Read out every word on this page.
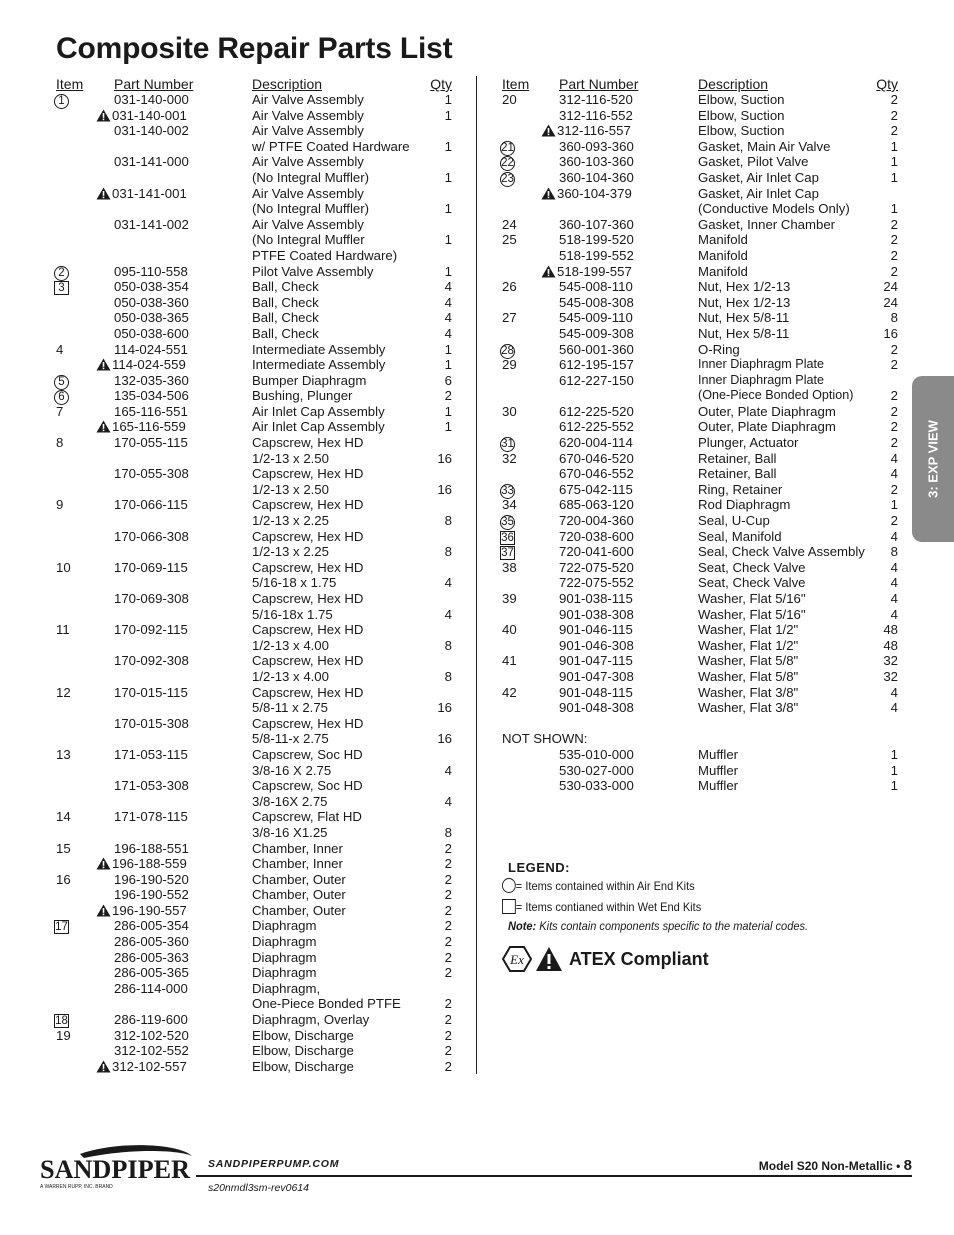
Composite Repair Parts List
Item	Part Number	Description	Qty
1	031-140-000	Air Valve Assembly	1
031-140-001	Air Valve Assembly	1
031-140-002	Air Valve Assembly
w/ PTFE Coated Hardware	1
031-141-000	Air Valve Assembly
(No Integral Muffler)	1
031-141-001	Air Valve Assembly
(No Integral Muffler)	1
031-141-002	Air Valve Assembly
(No Integral Muffler	1
PTFE Coated Hardware)
2	095-110-558	Pilot Valve Assembly	1
3	050-038-354	Ball, Check	4
050-038-360	Ball, Check	4
050-038-365	Ball, Check	4
050-038-600	Ball, Check	4
4	114-024-551	Intermediate Assembly	1
114-024-559	Intermediate Assembly	1
5	132-035-360	Bumper Diaphragm	6
6	135-034-506	Bushing, Plunger	2
7	165-116-551	Air Inlet Cap Assembly	1
165-116-559	Air Inlet Cap Assembly	1
8	170-055-115	Capscrew, Hex HD
1/2-13 x 2.50	16
170-055-308	Capscrew, Hex HD
1/2-13 x 2.50	16
9	170-066-115	Capscrew, Hex HD
1/2-13 x 2.25	8
170-066-308	Capscrew, Hex HD
1/2-13 x 2.25	8
10	170-069-115	Capscrew, Hex HD
5/16-18 x 1.75	4
170-069-308	Capscrew, Hex HD
5/16-18x 1.75	4
11	170-092-115	Capscrew, Hex HD
1/2-13 x 4.00	8
170-092-308	Capscrew, Hex HD
1/2-13 x 4.00	8
12	170-015-115	Capscrew, Hex HD
5/8-11 x 2.75	16
170-015-308	Capscrew, Hex HD
5/8-11-x 2.75	16
13	171-053-115	Capscrew, Soc HD
3/8-16 X 2.75	4
171-053-308	Capscrew, Soc HD
3/8-16X 2.75	4
14	171-078-115	Capscrew, Flat HD
3/8-16 X1.25	8
15	196-188-551	Chamber, Inner	2
196-188-559	Chamber, Inner	2
16	196-190-520	Chamber, Outer	2
196-190-552	Chamber, Outer	2
196-190-557	Chamber, Outer	2
17	286-005-354	Diaphragm	2
286-005-360	Diaphragm	2
286-005-363	Diaphragm	2
286-005-365	Diaphragm	2
286-114-000	Diaphragm,
One-Piece Bonded PTFE	2
18	286-119-600	Diaphragm, Overlay	2
19	312-102-520	Elbow, Discharge	2
312-102-552	Elbow, Discharge	2
312-102-557	Elbow, Discharge	2
Item	Part Number	Description	Qty
20	312-116-520	Elbow, Suction	2
312-116-552	Elbow, Suction	2
312-116-557	Elbow, Suction	2
21	360-093-360	Gasket, Main Air Valve	1
22	360-103-360	Gasket, Pilot Valve	1
23	360-104-360	Gasket, Air Inlet Cap	1
360-104-379	Gasket, Air Inlet Cap
(Conductive Models Only)	1
24	360-107-360	Gasket, Inner Chamber	2
25	518-199-520	Manifold	2
518-199-552	Manifold	2
518-199-557	Manifold	2
26	545-008-110	Nut, Hex 1/2-13	24
545-008-308	Nut, Hex 1/2-13	24
27	545-009-110	Nut, Hex 5/8-11	8
545-009-308	Nut, Hex 5/8-11	16
28	560-001-360	O-Ring	2
29	612-195-157	Inner Diaphragm Plate	2
612-227-150	Inner Diaphragm Plate
(One-Piece Bonded Option)	2
30	612-225-520	Outer, Plate Diaphragm	2
612-225-552	Outer, Plate Diaphragm	2
31	620-004-114	Plunger, Actuator	2
32	670-046-520	Retainer, Ball	4
670-046-552	Retainer, Ball	4
33	675-042-115	Ring, Retainer	2
34	685-063-120	Rod Diaphragm	1
35	720-004-360	Seal, U-Cup	2
36	720-038-600	Seal, Manifold	4
37	720-041-600	Seal, Check Valve Assembly 8
38	722-075-520	Seat, Check Valve	4
722-075-552	Seat, Check Valve	4
39	901-038-115	Washer, Flat 5/16"	4
901-038-308	Washer, Flat 5/16"	4
40	901-046-115	Washer, Flat 1/2"	48
901-046-308	Washer, Flat 1/2"	48
41	901-047-115	Washer, Flat 5/8"	32
901-047-308	Washer, Flat 5/8"	32
42	901-048-115	Washer, Flat 3/8"	4
901-048-308	Washer, Flat 3/8"	4
NOT SHOWN:
535-010-000	Muffler	1
530-027-000	Muffler	1
530-033-000	Muffler	1
3: EXP VIEW
LEGEND:
= Items contained within Air End Kits
= Items contianed within Wet End Kits
Note: Kits contain components specific to the material codes.
Ex	ATEX Compliant
SANDPIPER
A WARREN RUPP, INC. BRAND
SANDPIPERPUMP.COM
s20nmdl3sm-rev0614
Model S20 Non-Metallic • 8
